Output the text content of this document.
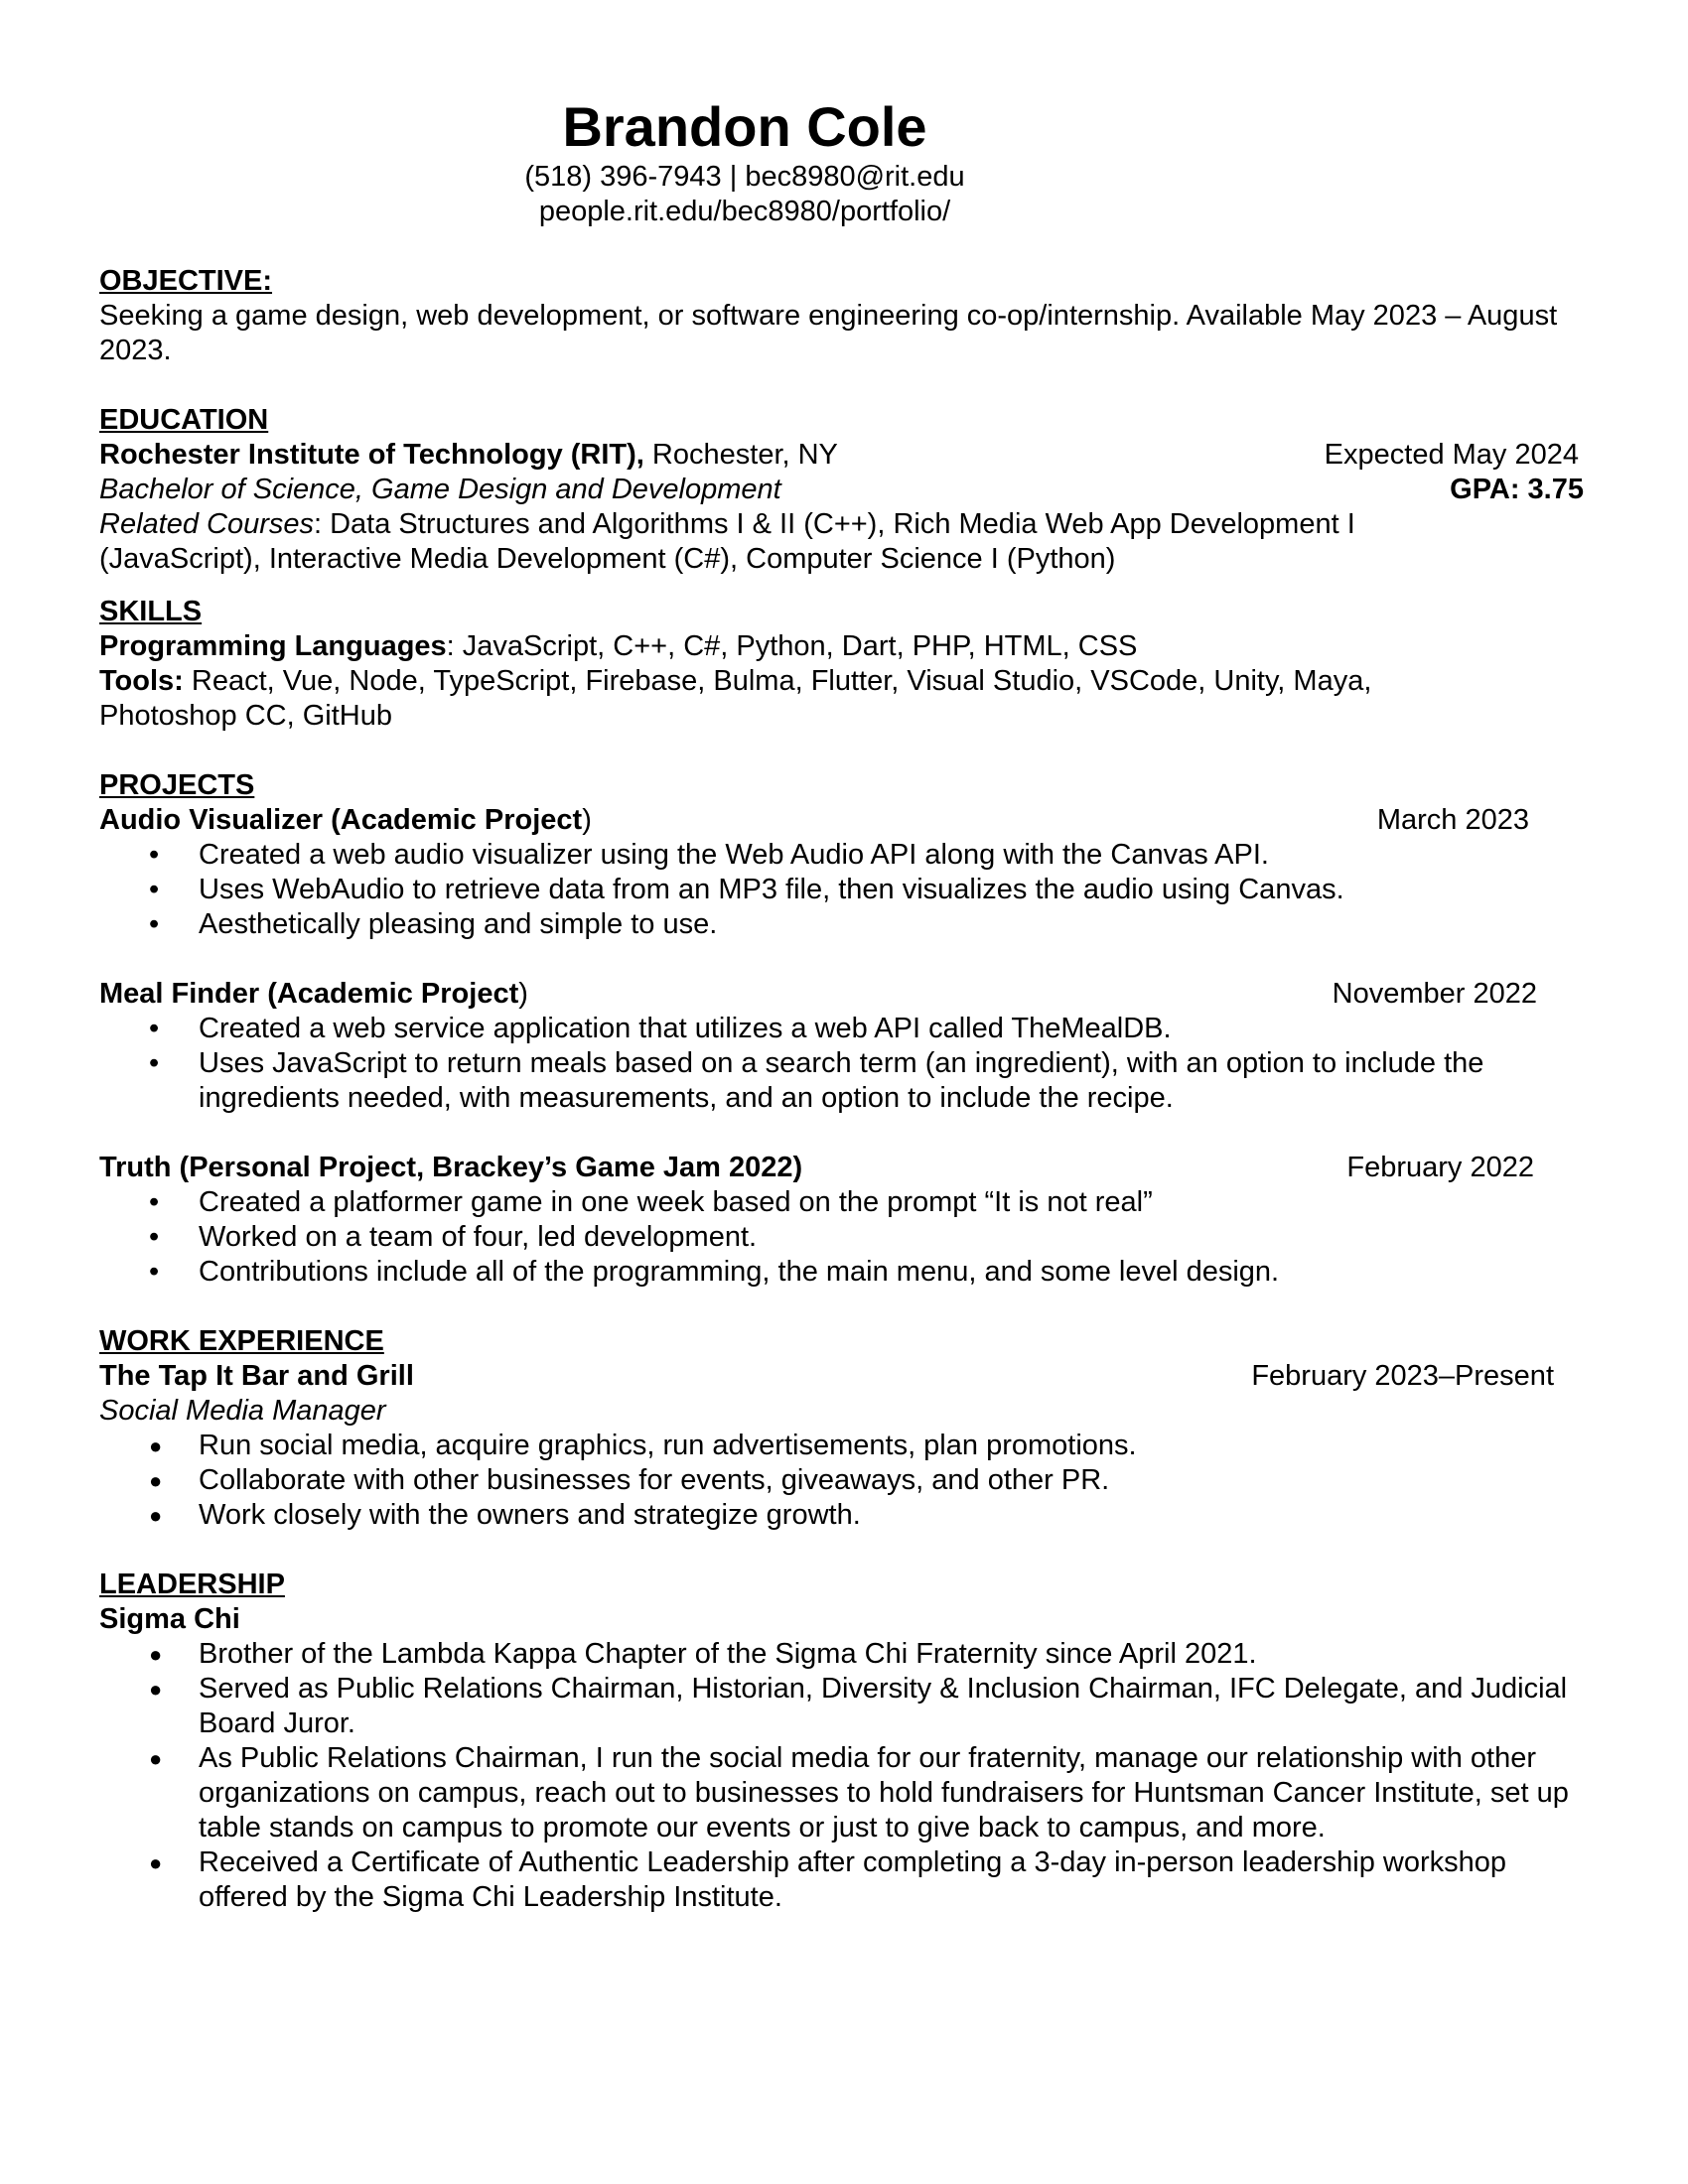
Brandon Cole
(518) 396-7943 | bec8980@rit.edu
people.rit.edu/bec8980/portfolio/
OBJECTIVE:
Seeking a game design, web development, or software engineering co-op/internship. Available May 2023 – August 2023.
EDUCATION
Rochester Institute of Technology (RIT), Rochester, NY	Expected May 2024
Bachelor of Science, Game Design and Development	GPA: 3.75
Related Courses: Data Structures and Algorithms I & II (C++), Rich Media Web App Development I (JavaScript), Interactive Media Development (C#), Computer Science I (Python)
SKILLS
Programming Languages: JavaScript, C++, C#, Python, Dart, PHP, HTML, CSS
Tools: React, Vue, Node, TypeScript, Firebase, Bulma, Flutter, Visual Studio, VSCode, Unity, Maya, Photoshop CC, GitHub
PROJECTS
Audio Visualizer (Academic Project)	March 2023
• Created a web audio visualizer using the Web Audio API along with the Canvas API.
• Uses WebAudio to retrieve data from an MP3 file, then visualizes the audio using Canvas.
• Aesthetically pleasing and simple to use.
Meal Finder (Academic Project)	November 2022
• Created a web service application that utilizes a web API called TheMealDB.
• Uses JavaScript to return meals based on a search term (an ingredient), with an option to include the ingredients needed, with measurements, and an option to include the recipe.
Truth (Personal Project, Brackey’s Game Jam 2022)	February 2022
• Created a platformer game in one week based on the prompt “It is not real”
• Worked on a team of four, led development.
• Contributions include all of the programming, the main menu, and some level design.
WORK EXPERIENCE
The Tap It Bar and Grill	February 2023–Present
Social Media Manager
● Run social media, acquire graphics, run advertisements, plan promotions.
● Collaborate with other businesses for events, giveaways, and other PR.
● Work closely with the owners and strategize growth.
LEADERSHIP
Sigma Chi
● Brother of the Lambda Kappa Chapter of the Sigma Chi Fraternity since April 2021.
● Served as Public Relations Chairman, Historian, Diversity & Inclusion Chairman, IFC Delegate, and Judicial Board Juror.
● As Public Relations Chairman, I run the social media for our fraternity, manage our relationship with other organizations on campus, reach out to businesses to hold fundraisers for Huntsman Cancer Institute, set up table stands on campus to promote our events or just to give back to campus, and more.
● Received a Certificate of Authentic Leadership after completing a 3-day in-person leadership workshop offered by the Sigma Chi Leadership Institute.
